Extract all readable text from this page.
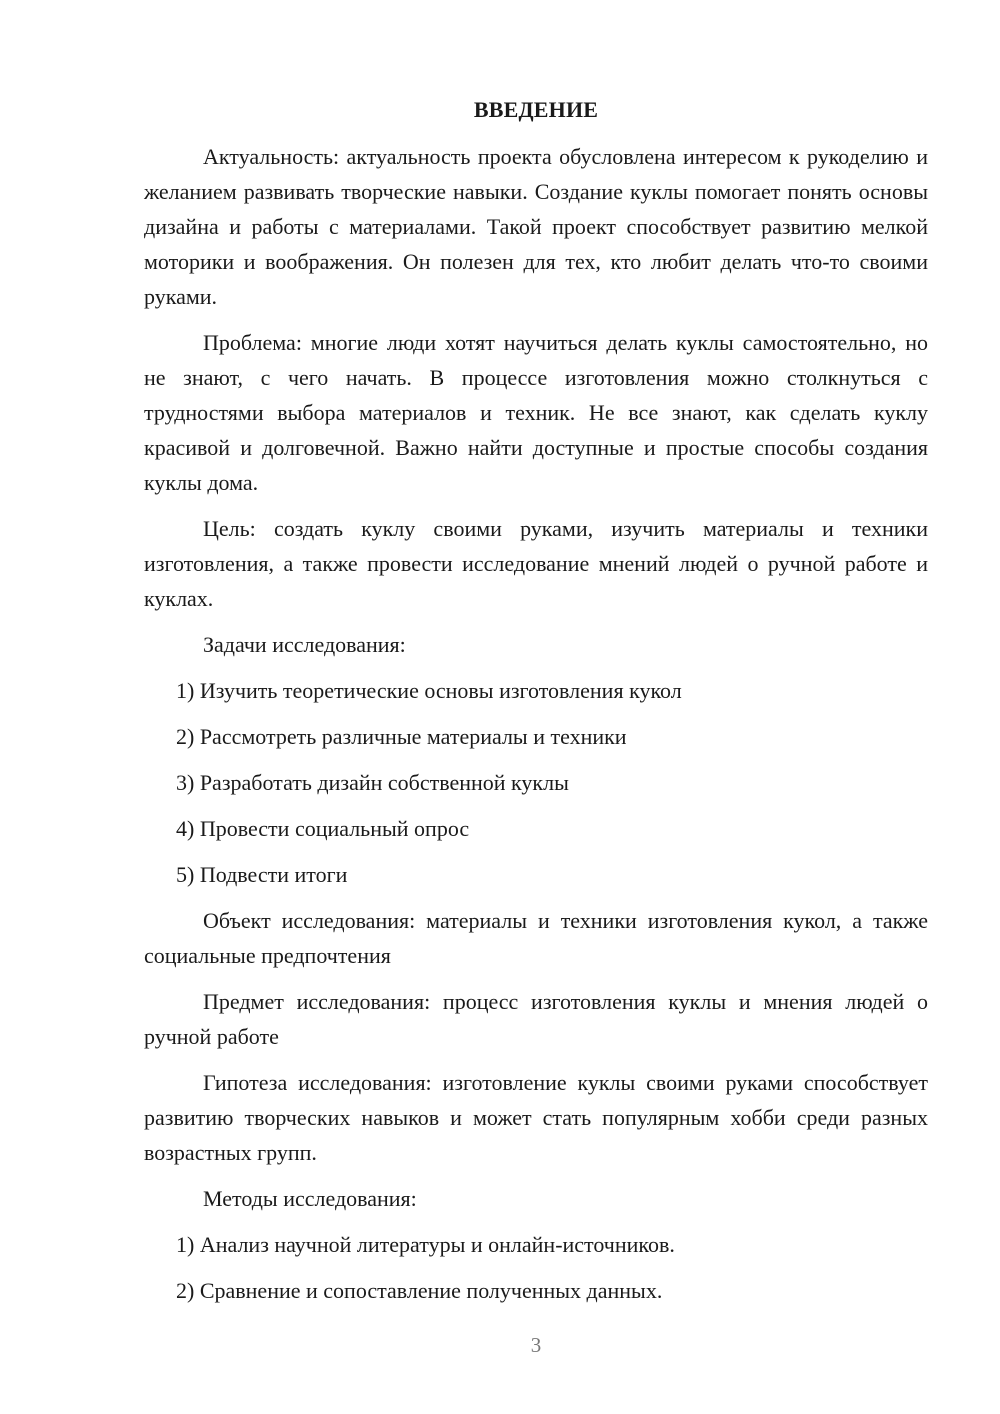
ВВЕДЕНИЕ

Актуальность: актуальность проекта обусловлена интересом к рукоделию и желанием развивать творческие навыки. Создание куклы помогает понять основы дизайна и работы с материалами. Такой проект способствует развитию мелкой моторики и воображения. Он полезен для тех, кто любит делать что-то своими руками.

Проблема: многие люди хотят научиться делать куклы самостоятельно, но не знают, с чего начать. В процессе изготовления можно столкнуться с трудностями выбора материалов и техник. Не все знают, как сделать куклу красивой и долговечной. Важно найти доступные и простые способы создания куклы дома.

Цель: создать куклу своими руками, изучить материалы и техники изготовления, а также провести исследование мнений людей о ручной работе и куклах.

Задачи исследования:
1) Изучить теоретические основы изготовления кукол
2) Рассмотреть различные материалы и техники
3) Разработать дизайн собственной куклы
4) Провести социальный опрос
5) Подвести итоги

Объект исследования: материалы и техники изготовления кукол, а также социальные предпочтения

Предмет исследования: процесс изготовления куклы и мнения людей о ручной работе

Гипотеза исследования: изготовление куклы своими руками способствует развитию творческих навыков и может стать популярным хобби среди разных возрастных групп.

Методы исследования:
1) Анализ научной литературы и онлайн-источников.
2) Сравнение и сопоставление полученных данных.
3
